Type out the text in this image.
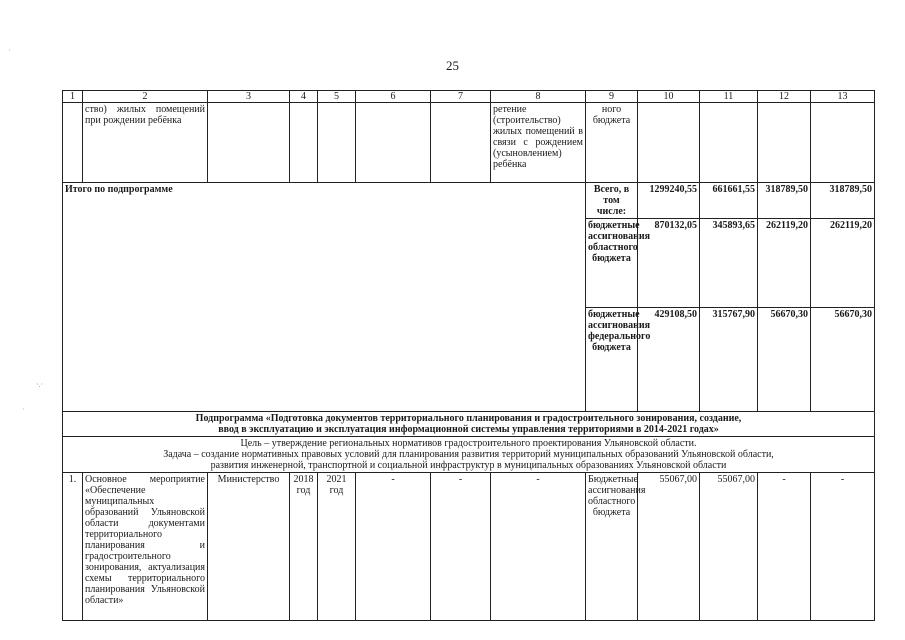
25
·
·.·
·
1	2	3	4	5	6	7	8	9	10	11	12	13
	ство) жилых помещений при рождении ребёнка						ретение (строительство) жилых помещений в связи с рождением (усыновлением) ребёнка	ного бюджета				
Итого по подпрограмме								Всего, в том числе:	1299240,55	661661,55	318789,50	318789,50
								бюджетные ассигнования областного бюджета	870132,05	345893,65	262119,20	262119,20
								бюджетные ассигнования федерального бюджета	429108,50	315767,90	56670,30	56670,30

Подпрограмма «Подготовка документов территориального планирования и градостроительного зонирования, создание,
ввод в эксплуатацию и эксплуатация информационной системы управления территориями в 2014-2021 годах»												

Цель – утверждение региональных нормативов градостроительного проектирования Ульяновской области.
Задача – создание нормативных правовых условий для планирования развития территорий муниципальных образований Ульяновской области,
развития инженерной, транспортной и социальной инфраструктур в муниципальных образованиях Ульяновской области												

1.	Основное мероприятие «Обеспечение муниципальных образований Ульяновской области документами территориального планирования и градостроительного зонирования, актуализация схемы территориального планирования Ульяновской области»	Министерство	2018 год	2021 год	-	-	-	Бюджетные ассигнования областного бюджета	55067,00	55067,00	-	-
